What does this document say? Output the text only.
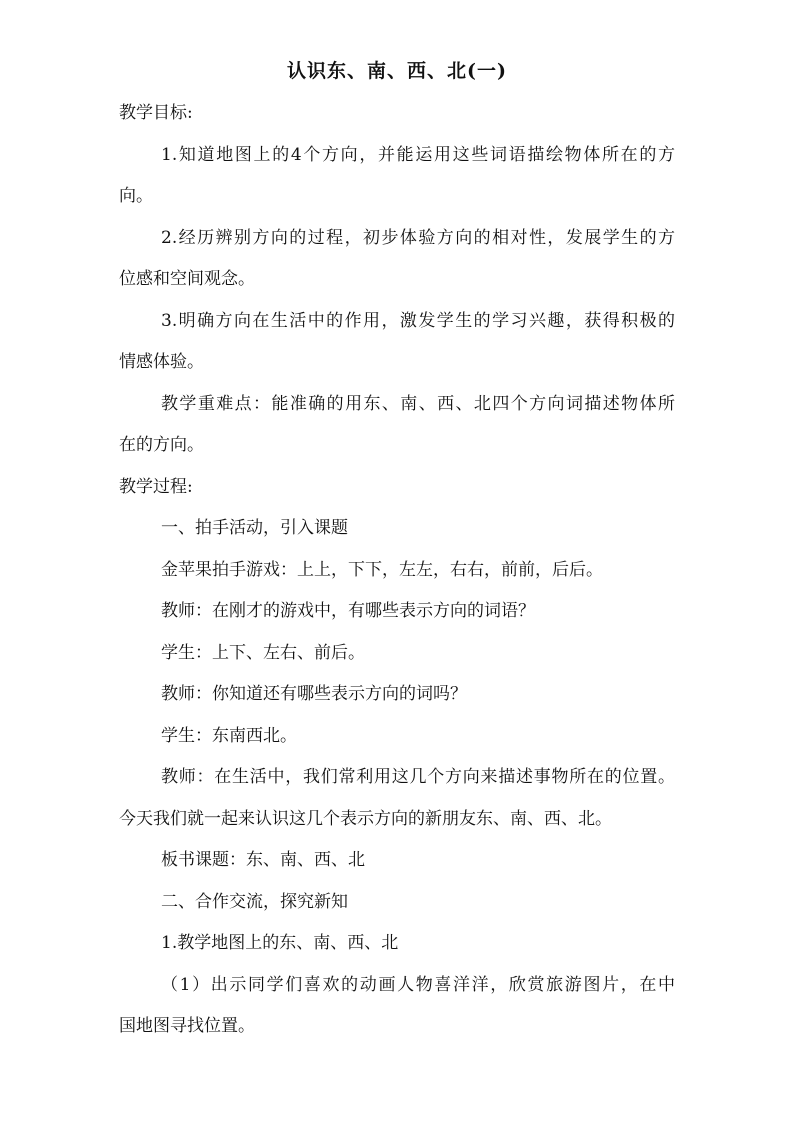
认识东、南、西、北(一)
教学目标:
1.知道地图上的4个方向，并能运用这些词语描绘物体所在的方
向。
2.经历辨别方向的过程，初步体验方向的相对性，发展学生的方
位感和空间观念。
3.明确方向在生活中的作用，激发学生的学习兴趣，获得积极的
情感体验。
教学重难点：能准确的用东、南、西、北四个方向词描述物体所
在的方向。
教学过程:
一、拍手活动，引入课题
金苹果拍手游戏：上上，下下，左左，右右，前前，后后。
教师：在刚才的游戏中，有哪些表示方向的词语？
学生：上下、左右、前后。
教师：你知道还有哪些表示方向的词吗？
学生：东南西北。
教师：在生活中，我们常利用这几个方向来描述事物所在的位置。
今天我们就一起来认识这几个表示方向的新朋友东、南、西、北。
板书课题：东、南、西、北
二、合作交流，探究新知
1.教学地图上的东、南、西、北
（1）出示同学们喜欢的动画人物喜洋洋，欣赏旅游图片，在中
国地图寻找位置。
